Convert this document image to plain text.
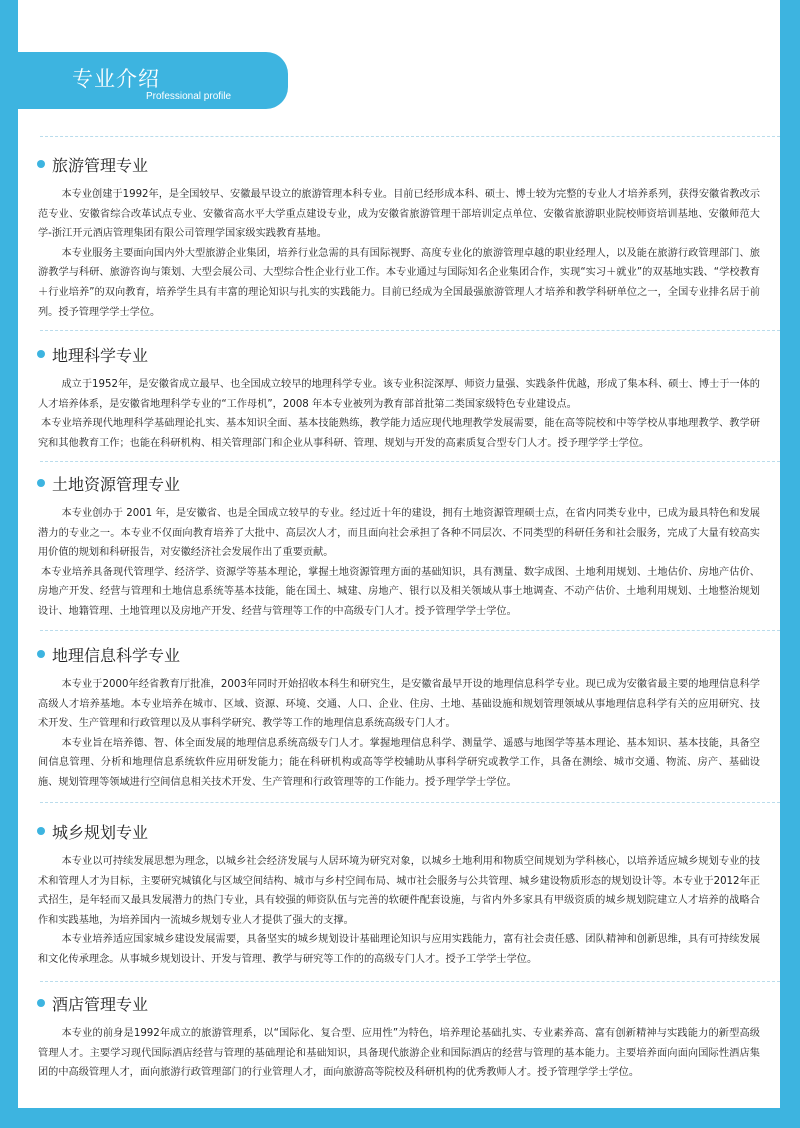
专业介绍
Professional profile
旅游管理专业

本专业创建于1992年，是全国较早、安徽最早设立的旅游管理本科专业。目前已经形成本科、硕士、博士较为完整的专业人才培养系列，获得安徽省教改示范专业、安徽省综合改革试点专业、安徽省高水平大学重点建设专业，成为安徽省旅游管理干部培训定点单位、安徽省旅游职业院校师资培训基地、安徽师范大学-浙江开元酒店管理集团有限公司管理学国家级实践教育基地。

本专业服务主要面向国内外大型旅游企业集团，培养行业急需的具有国际视野、高度专业化的旅游管理卓越的职业经理人，以及能在旅游行政管理部门、旅游教学与科研、旅游咨询与策划、大型会展公司、大型综合性企业行业工作。本专业通过与国际知名企业集团合作，实现“实习＋就业”的双基地实践、“学校教育＋行业培养”的双向教育，培养学生具有丰富的理论知识与扎实的实践能力。目前已经成为全国最强旅游管理人才培养和教学科研单位之一，全国专业排名居于前列。授予管理学学士学位。

地理科学专业

成立于1952年，是安徽省成立最早、也全国成立较早的地理科学专业。该专业积淀深厚、师资力量强、实践条件优越，形成了集本科、硕士、博士于一体的人才培养体系，是安徽省地理科学专业的“工作母机”，2008 年本专业被列为教育部首批第二类国家级特色专业建设点。

本专业培养现代地理科学基础理论扎实、基本知识全面、基本技能熟练，教学能力适应现代地理教学发展需要，能在高等院校和中等学校从事地理教学、教学研究和其他教育工作；也能在科研机构、相关管理部门和企业从事科研、管理、规划与开发的高素质复合型专门人才。授予理学学士学位。

土地资源管理专业

本专业创办于 2001 年，是安徽省、也是全国成立较早的专业。经过近十年的建设，拥有土地资源管理硕士点，在省内同类专业中，已成为最具特色和发展潜力的专业之一。本专业不仅面向教育培养了大批中、高层次人才，而且面向社会承担了各种不同层次、不同类型的科研任务和社会服务，完成了大量有较高实用价值的规划和科研报告，对安徽经济社会发展作出了重要贡献。

本专业培养具备现代管理学、经济学、资源学等基本理论，掌握土地资源管理方面的基础知识，具有测量、数字成图、土地利用规划、土地估价、房地产估价、房地产开发、经营与管理和土地信息系统等基本技能，能在国土、城建、房地产、银行以及相关领域从事土地调查、不动产估价、土地利用规划、土地整治规划设计、地籍管理、土地管理以及房地产开发、经营与管理等工作的中高级专门人才。授予管理学学士学位。

地理信息科学专业

本专业于2000年经省教育厅批准，2003年同时开始招收本科生和研究生，是安徽省最早开设的地理信息科学专业。现已成为安徽省最主要的地理信息科学高级人才培养基地。本专业培养在城市、区域、资源、环境、交通、人口、企业、住房、土地、基础设施和规划管理领域从事地理信息科学有关的应用研究、技术开发、生产管理和行政管理以及从事科学研究、教学等工作的地理信息系统高级专门人才。

本专业旨在培养德、智、体全面发展的地理信息系统高级专门人才。掌握地理信息科学、测量学、遥感与地图学等基本理论、基本知识、基本技能，具备空间信息管理、分析和地理信息系统软件应用研发能力；能在科研机构或高等学校辅助从事科学研究或教学工作，具备在测绘、城市交通、物流、房产、基础设施、规划管理等领域进行空间信息相关技术开发、生产管理和行政管理等的工作能力。授予理学学士学位。

城乡规划专业

本专业以可持续发展思想为理念，以城乡社会经济发展与人居环境为研究对象，以城乡土地利用和物质空间规划为学科核心，以培养适应城乡规划专业的技术和管理人才为目标，主要研究城镇化与区域空间结构、城市与乡村空间布局、城市社会服务与公共管理、城乡建设物质形态的规划设计等。本专业于2012年正式招生，是年轻而又最具发展潜力的热门专业，具有较强的师资队伍与完善的软硬件配套设施，与省内外多家具有甲级资质的城乡规划院建立人才培养的战略合作和实践基地，为培养国内一流城乡规划专业人才提供了强大的支撑。

本专业培养适应国家城乡建设发展需要，具备坚实的城乡规划设计基础理论知识与应用实践能力，富有社会责任感、团队精神和创新思维，具有可持续发展和文化传承理念。从事城乡规划设计、开发与管理、教学与研究等工作的的高级专门人才。授予工学学士学位。

酒店管理专业

本专业的前身是1992年成立的旅游管理系，以“国际化、复合型、应用性”为特色，培养理论基础扎实、专业素养高、富有创新精神与实践能力的新型高级管理人才。主要学习现代国际酒店经营与管理的基础理论和基础知识，具备现代旅游企业和国际酒店的经营与管理的基本能力。主要培养面向面向国际性酒店集团的中高级管理人才，面向旅游行政管理部门的行业管理人才，面向旅游高等院校及科研机构的优秀教师人才。授予管理学学士学位。
